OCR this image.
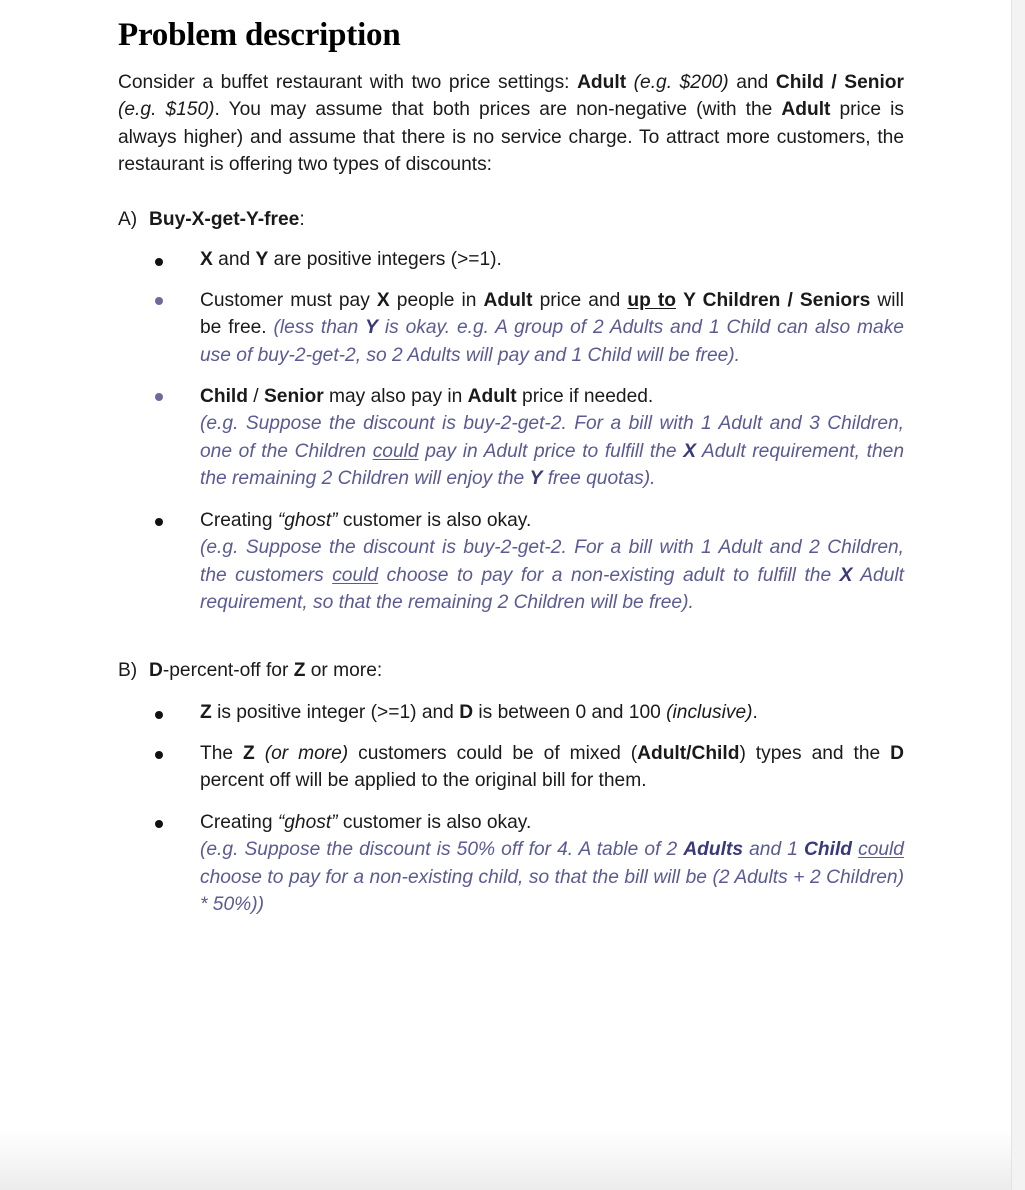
Problem description
Consider a buffet restaurant with two price settings: Adult (e.g. $200) and Child / Senior (e.g. $150). You may assume that both prices are non-negative (with the Adult price is always higher) and assume that there is no service charge. To attract more customers, the restaurant is offering two types of discounts:
A) Buy-X-get-Y-free:
X and Y are positive integers (>=1).
Customer must pay X people in Adult price and up to Y Children / Seniors will be free. (less than Y is okay. e.g. A group of 2 Adults and 1 Child can also make use of buy-2-get-2, so 2 Adults will pay and 1 Child will be free).
Child / Senior may also pay in Adult price if needed.
(e.g. Suppose the discount is buy-2-get-2. For a bill with 1 Adult and 3 Children, one of the Children could pay in Adult price to fulfill the X Adult requirement, then the remaining 2 Children will enjoy the Y free quotas).
Creating “ghost” customer is also okay.
(e.g. Suppose the discount is buy-2-get-2. For a bill with 1 Adult and 2 Children, the customers could choose to pay for a non-existing adult to fulfill the X Adult requirement, so that the remaining 2 Children will be free).
B) D-percent-off for Z or more:
Z is positive integer (>=1) and D is between 0 and 100 (inclusive).
The Z (or more) customers could be of mixed (Adult/Child) types and the D percent off will be applied to the original bill for them.
Creating “ghost” customer is also okay.
(e.g. Suppose the discount is 50% off for 4. A table of 2 Adults and 1 Child could choose to pay for a non-existing child, so that the bill will be (2 Adults + 2 Children) * 50%))
